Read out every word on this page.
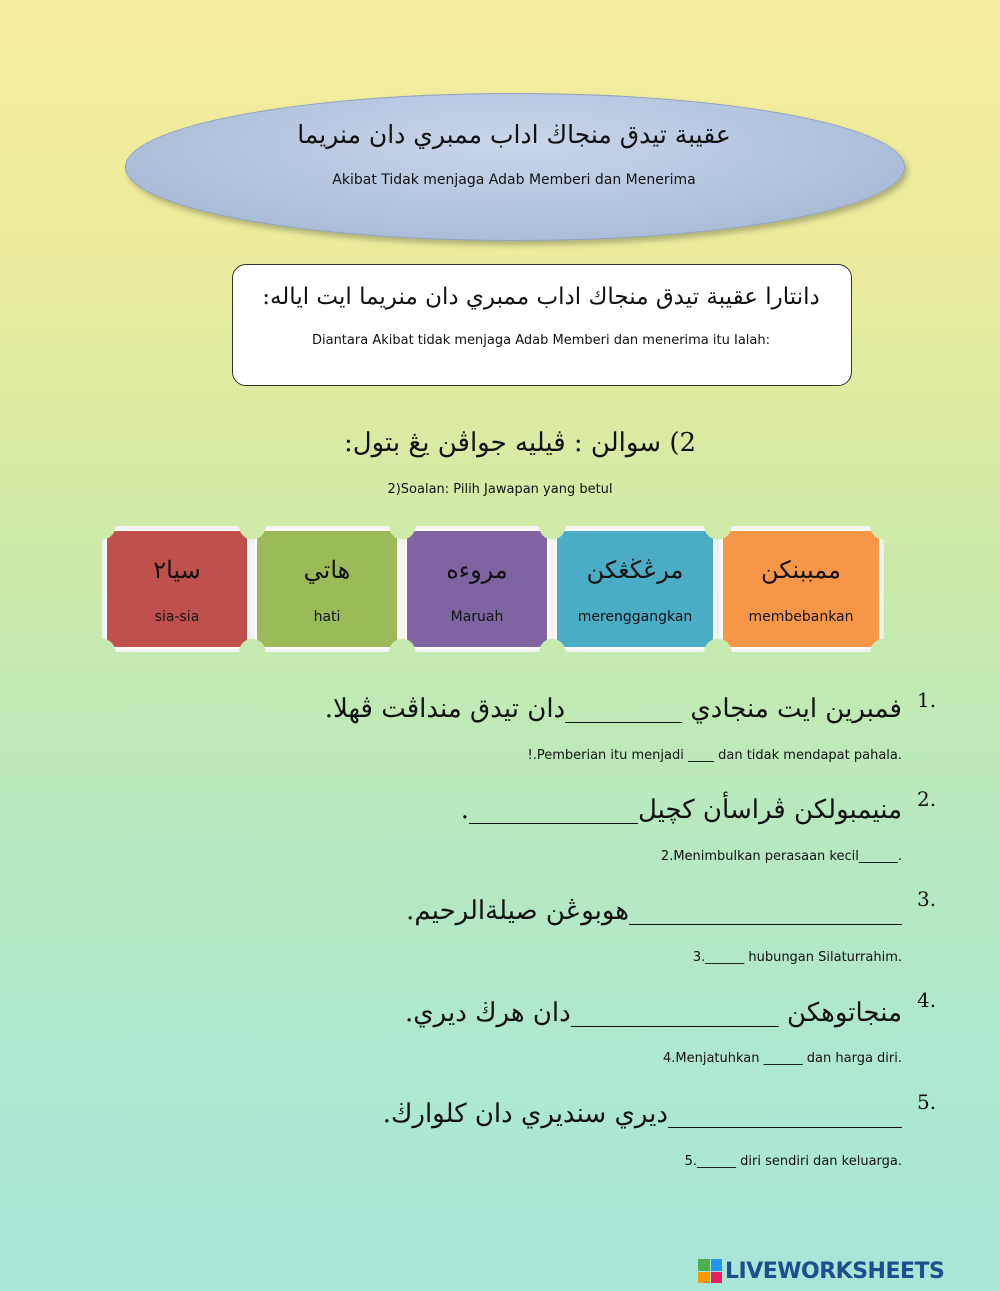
عقيبة تيدق منجاڬ اداب ممبري دان منريما
Akibat Tidak menjaga Adab Memberi dan Menerima
دانتارا عقيبة تيدق منجاك اداب ممبري دان منريما ايت اياله:
Diantara Akibat tidak menjaga Adab Memberi dan menerima itu Ialah:
2) سوالن : ڤيليه جواڤن يڠ بتول:
2)Soalan: Pilih Jawapan yang betul
سيا٢
sia-sia
هاتي
hati
مروءه
Maruah
مرڠڬڠكن
merenggangkan
ممببنكن
membebankan
1.
فمبرين ايت منجادي _________دان تيدق منداڤت ڤهلا.
!.Pemberian itu menjadi ____ dan tidak mendapat pahala.
2.
منيمبولكن ڤراسأن كچيل_____________.
2.Menimbulkan perasaan kecil______.
3.
_____________________هوبوڠن صيلةالرحيم.
3.______ hubungan Silaturrahim.
4.
منجاتوهكن ________________دان هرڬ ديري.
4.Menjatuhkan ______ dan harga diri.
5.
__________________ديري سنديري دان كلوارڬ.
5.______ diri sendiri dan keluarga.
LIVEWORKSHEETS
